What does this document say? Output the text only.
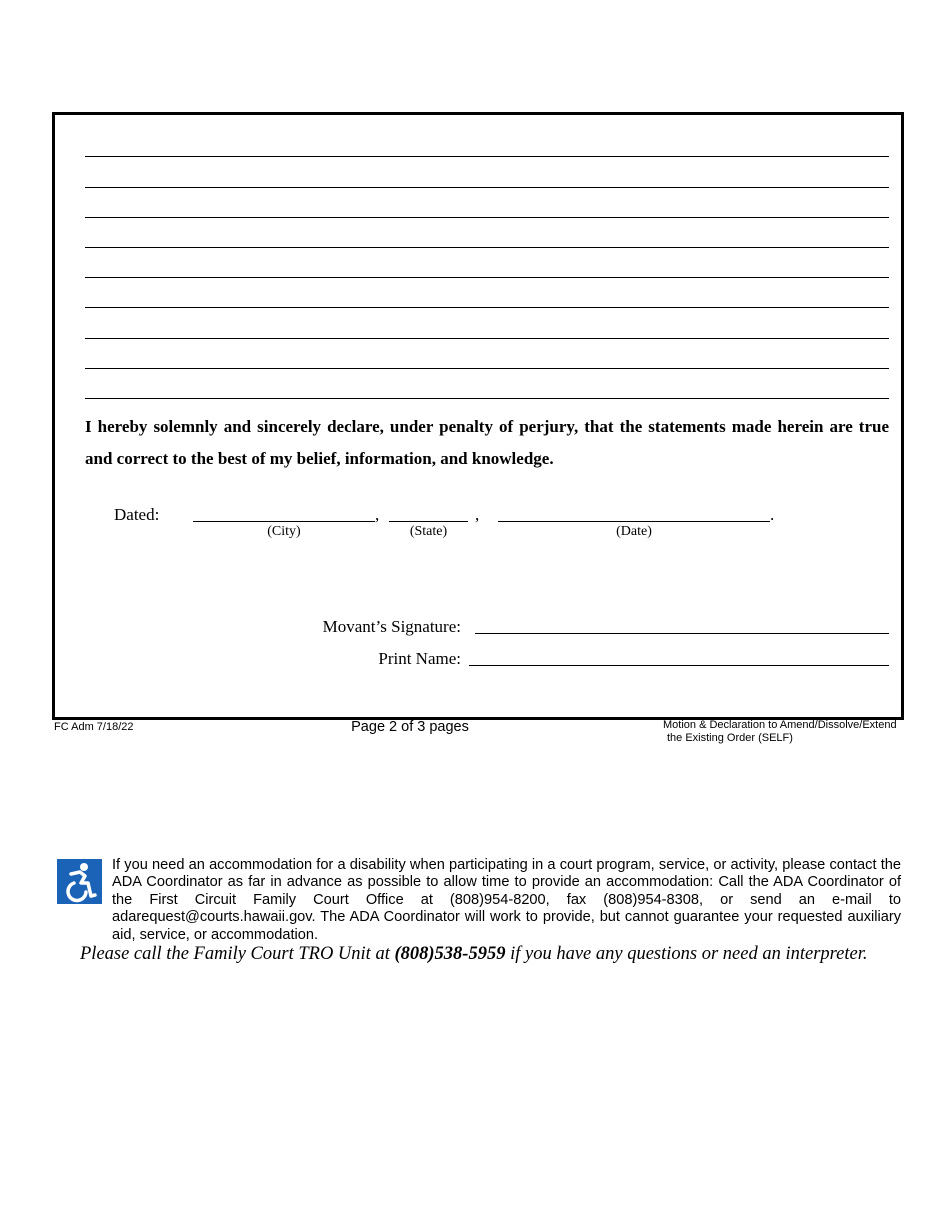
I hereby solemnly and sincerely declare, under penalty of perjury, that the statements made herein are true and correct to the best of my belief, information, and knowledge.
Dated:	,	,	.
(City)	(State)	(Date)
Movant’s Signature:
Print Name:
FC Adm 7/18/22	Page 2 of 3 pages	Motion & Declaration to Amend/Dissolve/Extend
the Existing Order (SELF)
If you need an accommodation for a disability when participating in a court program, service, or activity, please contact the ADA Coordinator as far in advance as possible to allow time to provide an accommodation: Call the ADA Coordinator of the First Circuit Family Court Office at (808)954-8200, fax (808)954-8308, or send an e-mail to adarequest@courts.hawaii.gov. The ADA Coordinator will work to provide, but cannot guarantee your requested auxiliary aid, service, or accommodation.
Please call the Family Court TRO Unit at (808)538-5959 if you have any questions or need an interpreter.
